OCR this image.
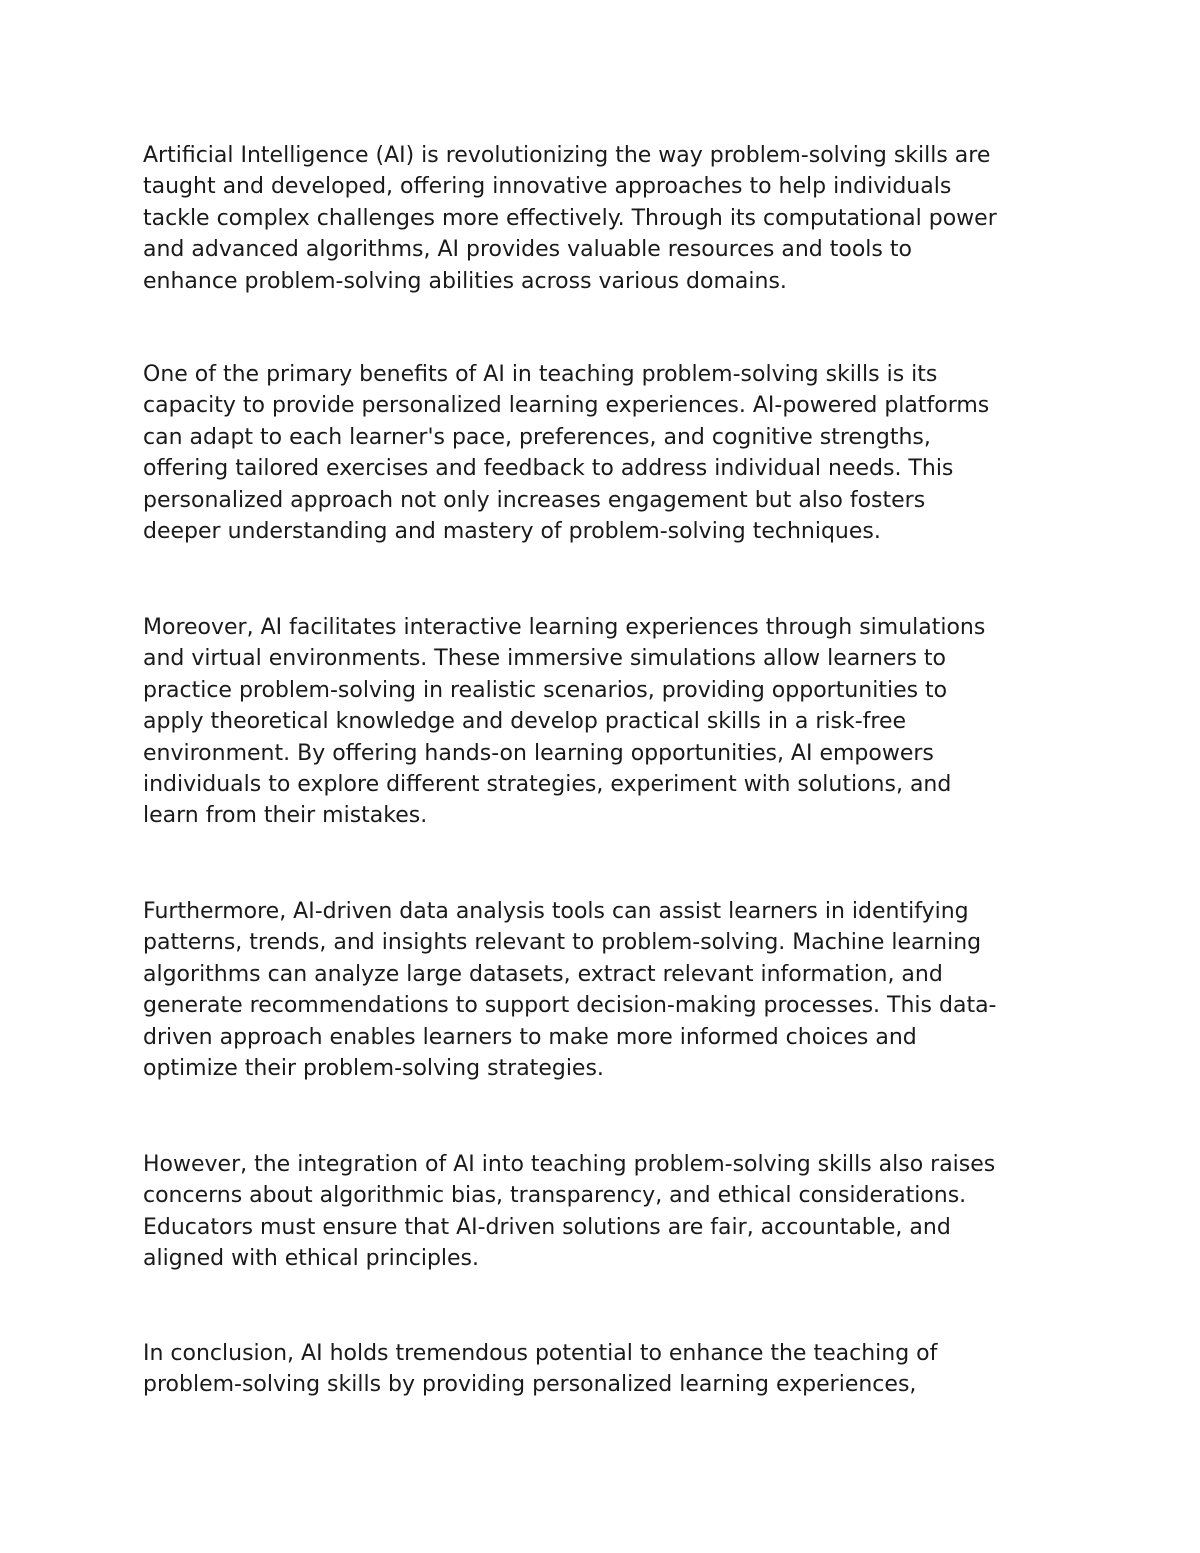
Artificial Intelligence (AI) is revolutionizing the way problem-solving skills are
taught and developed, offering innovative approaches to help individuals
tackle complex challenges more effectively. Through its computational power
and advanced algorithms, AI provides valuable resources and tools to
enhance problem-solving abilities across various domains.

One of the primary benefits of AI in teaching problem-solving skills is its
capacity to provide personalized learning experiences. AI-powered platforms
can adapt to each learner's pace, preferences, and cognitive strengths,
offering tailored exercises and feedback to address individual needs. This
personalized approach not only increases engagement but also fosters
deeper understanding and mastery of problem-solving techniques.

Moreover, AI facilitates interactive learning experiences through simulations
and virtual environments. These immersive simulations allow learners to
practice problem-solving in realistic scenarios, providing opportunities to
apply theoretical knowledge and develop practical skills in a risk-free
environment. By offering hands-on learning opportunities, AI empowers
individuals to explore different strategies, experiment with solutions, and
learn from their mistakes.

Furthermore, AI-driven data analysis tools can assist learners in identifying
patterns, trends, and insights relevant to problem-solving. Machine learning
algorithms can analyze large datasets, extract relevant information, and
generate recommendations to support decision-making processes. This data-
driven approach enables learners to make more informed choices and
optimize their problem-solving strategies.

However, the integration of AI into teaching problem-solving skills also raises
concerns about algorithmic bias, transparency, and ethical considerations.
Educators must ensure that AI-driven solutions are fair, accountable, and
aligned with ethical principles.

In conclusion, AI holds tremendous potential to enhance the teaching of
problem-solving skills by providing personalized learning experiences,
